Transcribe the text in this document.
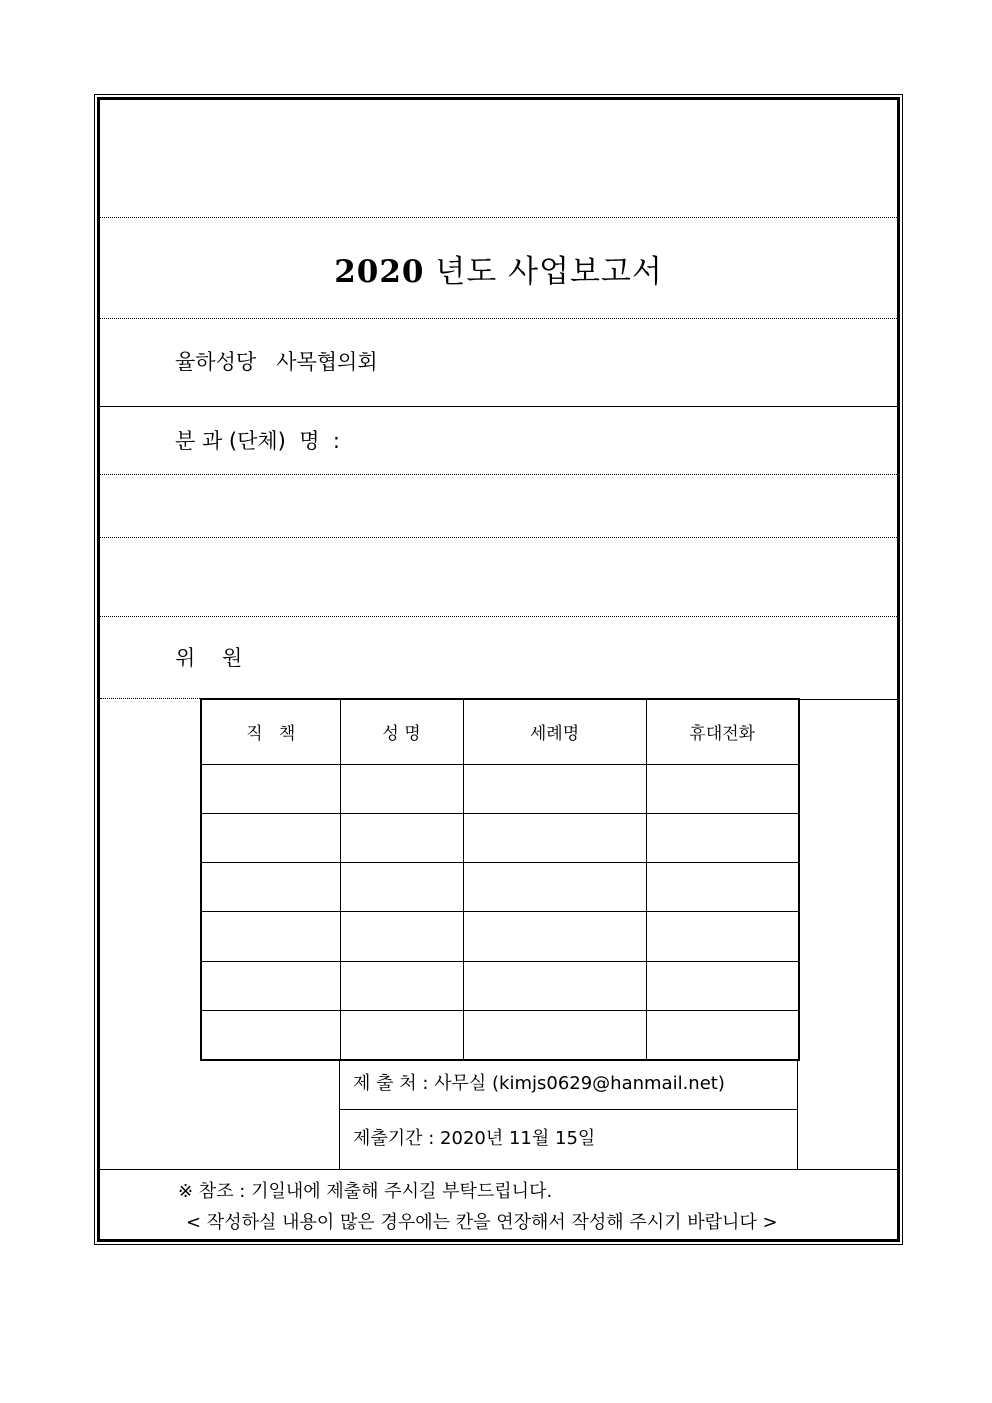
2020 년도 사업보고서
율하성당   사목협의회
분 과 (단체)  명  :
위    원
직   책	성 명	세례명	휴대전화

제 출 처 : 사무실 (kimjs0629@hanmail.net)
제출기간 : 2020년 11월 15일
※ 참조 : 기일내에 제출해 주시길 부탁드립니다.
< 작성하실 내용이 많은 경우에는 칸을 연장해서 작성해 주시기 바랍니다 >
